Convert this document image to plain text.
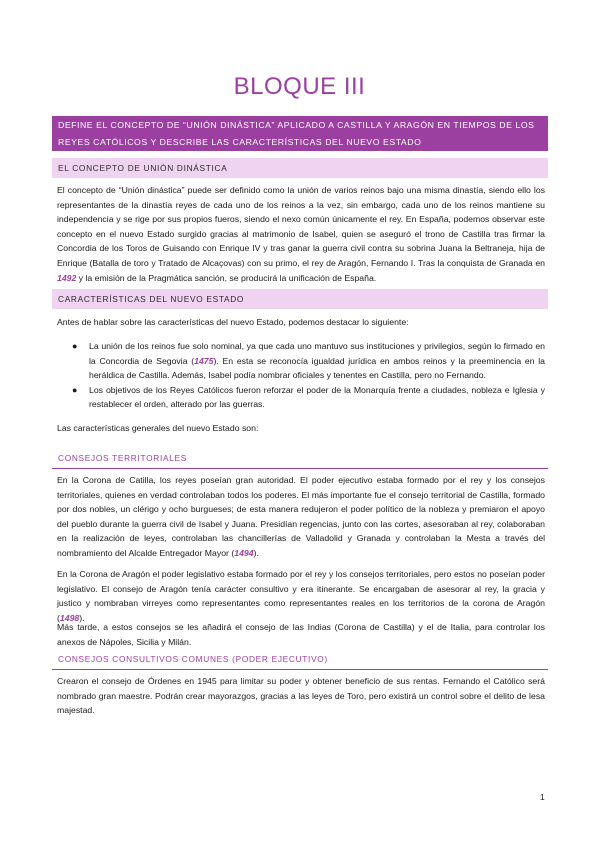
BLOQUE III
DEFINE EL CONCEPTO DE “UNIÓN DINÁSTICA” APLICADO A CASTILLA Y ARAGÓN EN TIEMPOS DE LOS REYES CATÓLICOS Y DESCRIBE LAS CARACTERÍSTICAS DEL NUEVO ESTADO
EL CONCEPTO DE UNIÓN DINÁSTICA

El concepto de “Unión dinástica” puede ser definido como la unión de varios reinos bajo una misma dinastía, siendo ello los representantes de la dinastía reyes de cada uno de los reinos a la vez, sin embargo, cada uno de los reinos mantiene su independencia y se rige por sus propios fueros, siendo el nexo común únicamente el rey. En España, podemos observar este concepto en el nuevo Estado surgido gracias al matrimonio de Isabel, quien se aseguró el trono de Castilla tras firmar la Concordia de los Toros de Guisando con Enrique IV y tras ganar la guerra civil contra su sobrina Juana la Beltraneja, hija de Enrique (Batalla de toro y Tratado de Alcaçovas) con su primo, el rey de Aragón, Fernando I. Tras la conquista de Granada en 1492 y la emisión de la Pragmática sanción, se producirá la unificación de España.

CARACTERÍSTICAS DEL NUEVO ESTADO

Antes de hablar sobre las características del nuevo Estado, podemos destacar lo siguiente:

● La unión de los reinos fue solo nominal, ya que cada uno mantuvo sus instituciones y privilegios, según lo firmado en la Concordia de Segovia (1475). En esta se reconocía igualdad jurídica en ambos reinos y la preeminencia en la heráldica de Castilla. Además, Isabel podía nombrar oficiales y tenentes en Castilla, pero no Fernando.
● Los objetivos de los Reyes Católicos fueron reforzar el poder de la Monarquía frente a ciudades, nobleza e Iglesia y restablecer el orden, alterado por las guerras.

Las características generales del nuevo Estado son:

CONSEJOS TERRITORIALES

En la Corona de Catilla, los reyes poseían gran autoridad. El poder ejecutivo estaba formado por el rey y los consejos territoriales, quienes en verdad controlaban todos los poderes. El más importante fue el consejo territorial de Castilla, formado por dos nobles, un clérigo y ocho burgueses; de esta manera redujeron el poder político de la nobleza y premiaron el apoyo del pueblo durante la guerra civil de Isabel y Juana. Presidían regencias, junto con las cortes, asesoraban al rey, colaboraban en la realización de leyes, controlaban las chancillerías de Valladolid y Granada y controlaban la Mesta a través del nombramiento del Alcalde Entregador Mayor (1494).

En la Corona de Aragón el poder legislativo estaba formado por el rey y los consejos territoriales, pero estos no poseían poder legislativo. El consejo de Aragón tenía carácter consultivo y era itinerante. Se encargaban de asesorar al rey, la gracia y justico y nombraban virreyes como representantes como representantes reales en los territorios de la corona de Aragón (1498).

Más tarde, a estos consejos se les añadirá el consejo de las Indias (Corona de Castilla) y el de Italia, para controlar los anexos de Nápoles, Sicilia y Milán.

CONSEJOS CONSULTIVOS COMUNES (PODER EJECUTIVO)

Crearon el consejo de Órdenes en 1945 para limitar su poder y obtener beneficio de sus rentas. Fernando el Católico será nombrado gran maestre. Podrán crear mayorazgos, gracias a las leyes de Toro, pero existirá un control sobre el delito de lesa majestad.

1
